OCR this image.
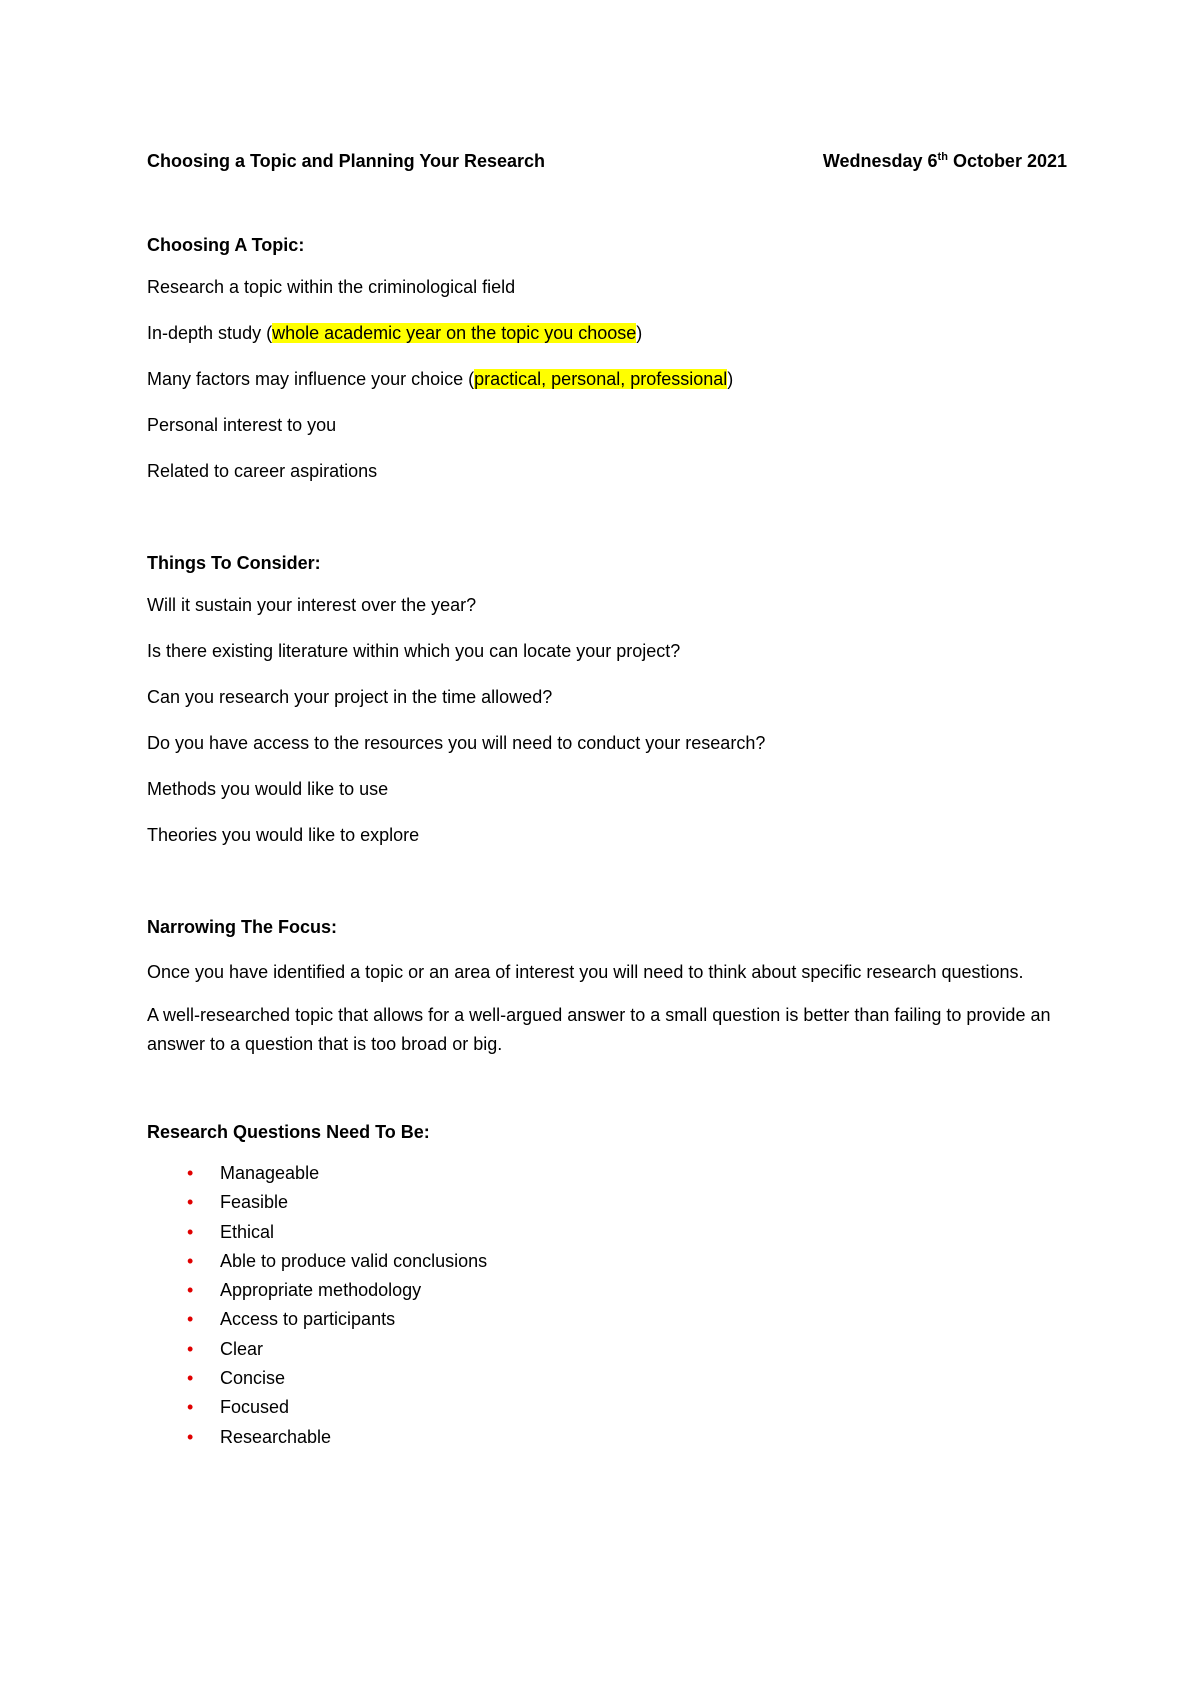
Choosing a Topic and Planning Your Research	Wednesday 6th October 2021
Choosing A Topic:
Research a topic within the criminological field
In-depth study (whole academic year on the topic you choose)
Many factors may influence your choice (practical, personal, professional)
Personal interest to you
Related to career aspirations
Things To Consider:
Will it sustain your interest over the year?
Is there existing literature within which you can locate your project?
Can you research your project in the time allowed?
Do you have access to the resources you will need to conduct your research?
Methods you would like to use
Theories you would like to explore
Narrowing The Focus:
Once you have identified a topic or an area of interest you will need to think about specific research questions.
A well-researched topic that allows for a well-argued answer to a small question is better than failing to provide an answer to a question that is too broad or big.
Research Questions Need To Be:
• Manageable
• Feasible
• Ethical
• Able to produce valid conclusions
• Appropriate methodology
• Access to participants
• Clear
• Concise
• Focused
• Researchable
